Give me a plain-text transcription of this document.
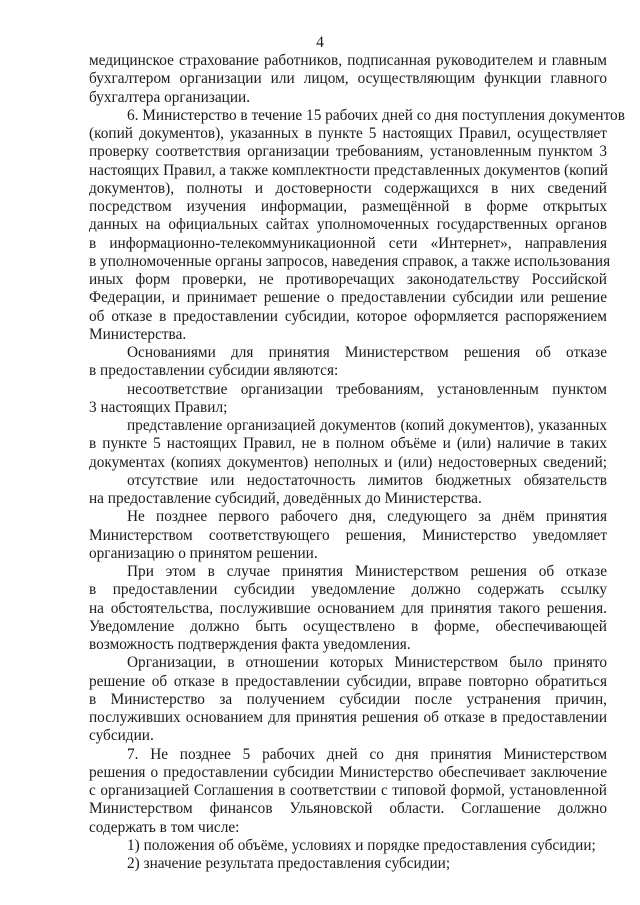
4
медицинское страхование работников, подписанная руководителем и главным
бухгалтером организации или лицом, осуществляющим функции главного
бухгалтера организации.
6. Министерство в течение 15 рабочих дней со дня поступления документов
(копий документов), указанных в пункте 5 настоящих Правил, осуществляет
проверку соответствия организации требованиям, установленным пунктом 3
настоящих Правил, а также комплектности представленных документов (копий
документов), полноты и достоверности содержащихся в них сведений
посредством изучения информации, размещённой в форме открытых
данных на официальных сайтах уполномоченных государственных органов
в информационно-телекоммуникационной сети «Интернет», направления
в уполномоченные органы запросов, наведения справок, а также использования
иных форм проверки, не противоречащих законодательству Российской
Федерации, и принимает решение о предоставлении субсидии или решение
об отказе в предоставлении субсидии, которое оформляется распоряжением
Министерства.
Основаниями для принятия Министерством решения об отказе
в предоставлении субсидии являются:
несоответствие организации требованиям, установленным пунктом
3 настоящих Правил;
представление организацией документов (копий документов), указанных
в пункте 5 настоящих Правил, не в полном объёме и (или) наличие в таких
документах (копиях документов) неполных и (или) недостоверных сведений;
отсутствие или недостаточность лимитов бюджетных обязательств
на предоставление субсидий, доведённых до Министерства.
Не позднее первого рабочего дня, следующего за днём принятия
Министерством соответствующего решения, Министерство уведомляет
организацию о принятом решении.
При этом в случае принятия Министерством решения об отказе
в предоставлении субсидии уведомление должно содержать ссылку
на обстоятельства, послужившие основанием для принятия такого решения.
Уведомление должно быть осуществлено в форме, обеспечивающей
возможность подтверждения факта уведомления.
Организации, в отношении которых Министерством было принято
решение об отказе в предоставлении субсидии, вправе повторно обратиться
в Министерство за получением субсидии после устранения причин,
послуживших основанием для принятия решения об отказе в предоставлении
субсидии.
7. Не позднее 5 рабочих дней со дня принятия Министерством
решения о предоставлении субсидии Министерство обеспечивает заключение
с организацией Соглашения в соответствии с типовой формой, установленной
Министерством финансов Ульяновской области. Соглашение должно
содержать в том числе:
1) положения об объёме, условиях и порядке предоставления субсидии;
2) значение результата предоставления субсидии;
